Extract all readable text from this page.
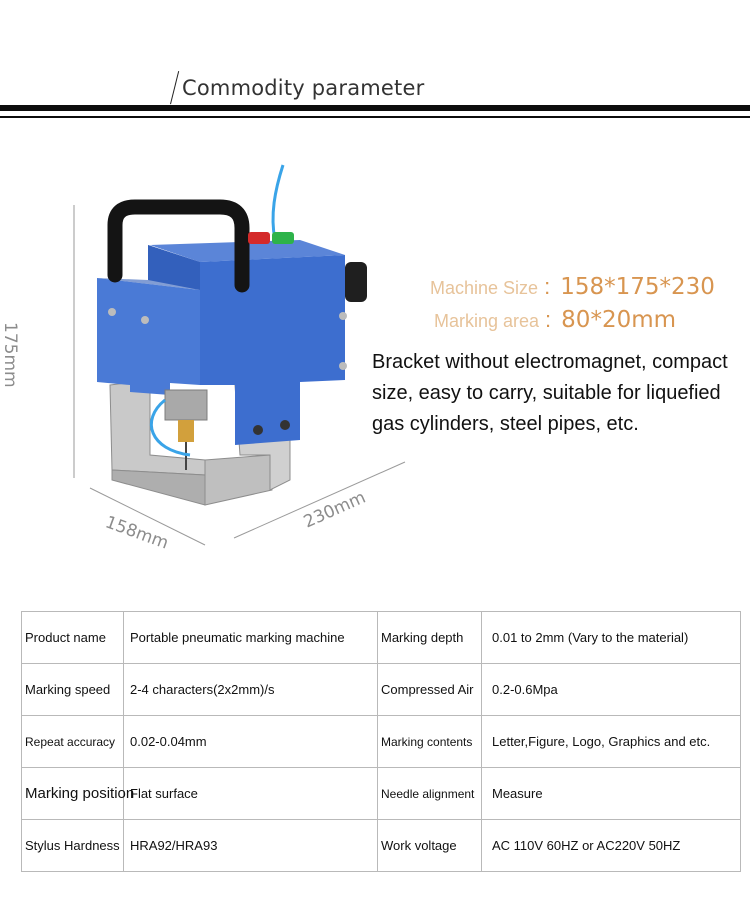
Commodity parameter
175mm
158mm
230mm
Machine Size : 158*175*230
Marking area : 80*20mm
Bracket without electromagnet, compact size, easy to carry, suitable for liquefied gas cylinders, steel pipes, etc.
Product name	Portable pneumatic marking machine	Marking depth	0.01 to 2mm (Vary to the material)
Marking speed	2-4 characters(2x2mm)/s	Compressed Air	0.2-0.6Mpa
Repeat accuracy	0.02-0.04mm	Marking contents	Letter,Figure, Logo, Graphics and etc.
Marking position	Flat surface	Needle alignment	Measure
Stylus Hardness	HRA92/HRA93	Work voltage	AC 110V 60HZ or AC220V 50HZ
